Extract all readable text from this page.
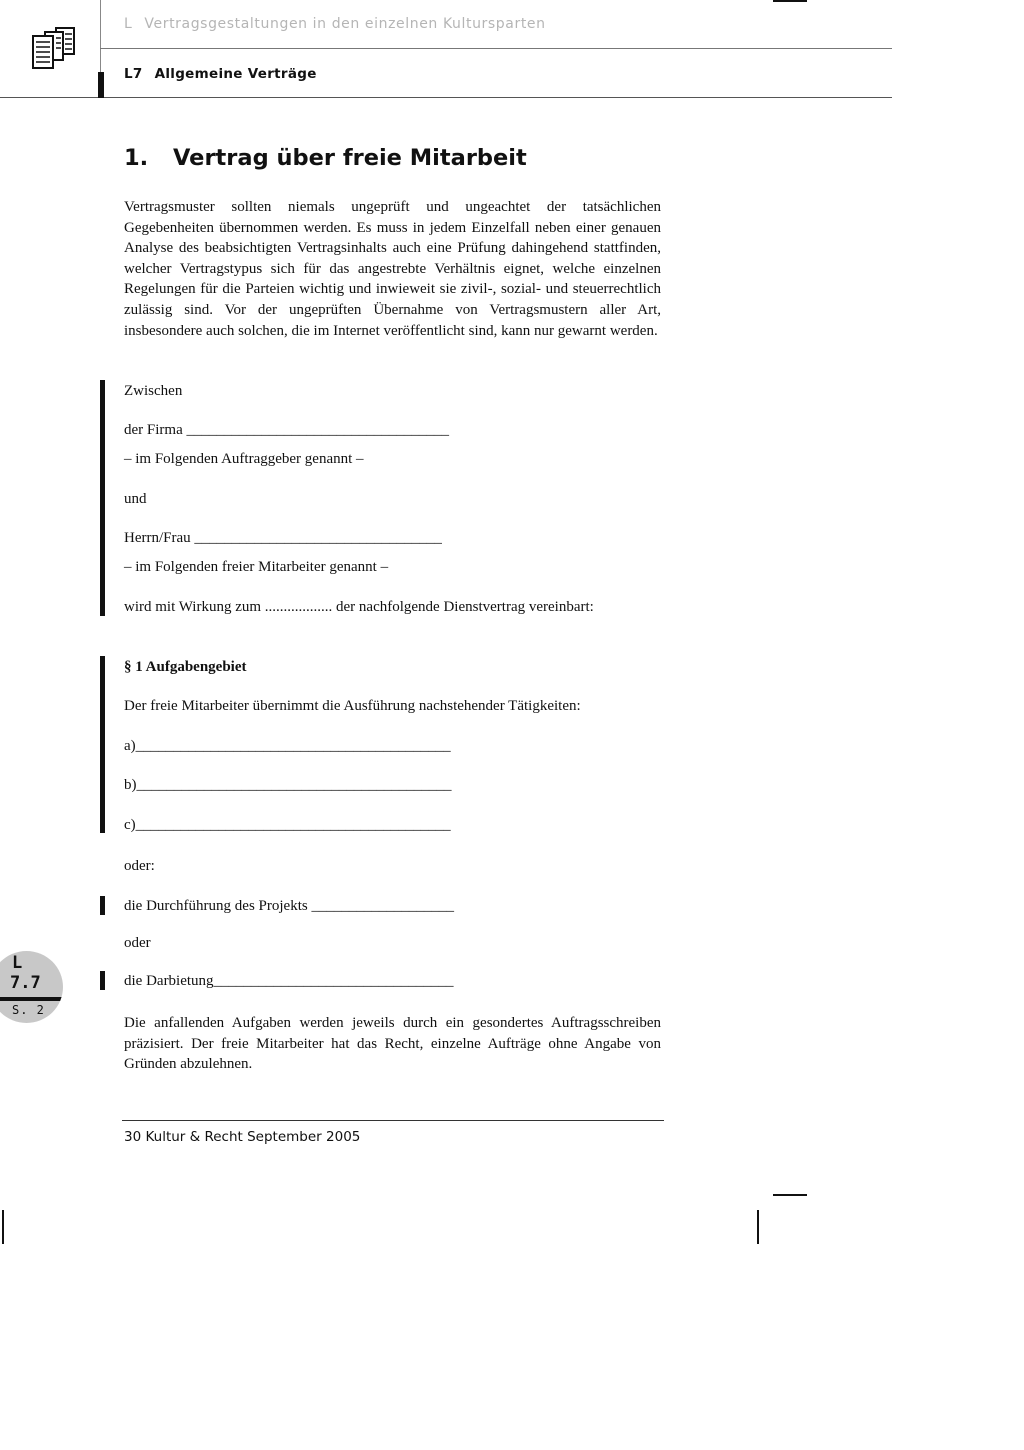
L Vertragsgestaltungen in den einzelnen Kultursparten
L7 Allgemeine Verträge
1. Vertrag über freie Mitarbeit

Vertragsmuster sollten niemals ungeprüft und ungeachtet der tatsächlichen Gegebenheiten übernommen werden. Es muss in jedem Einzelfall neben einer genauen Analyse des beabsichtigten Vertragsinhalts auch eine Prüfung dahingehend stattfinden, welcher Vertragstypus sich für das angestrebte Verhältnis eignet, welche einzelnen Regelungen für die Parteien wichtig und inwieweit sie zivil-, sozial- und steuerrechtlich zulässig sind. Vor der ungeprüften Übernahme von Vertragsmustern aller Art, insbesondere auch solchen, die im Internet veröffentlicht sind, kann nur gewarnt werden.

Zwischen
der Firma ___________________________________
– im Folgenden Auftraggeber genannt –
und
Herrn/Frau _________________________________
– im Folgenden freier Mitarbeiter genannt –
wird mit Wirkung zum .................. der nachfolgende Dienstvertrag vereinbart:
§ 1 Aufgabengebiet
Der freie Mitarbeiter übernimmt die Ausführung nachstehender Tätigkeiten:
a)__________________________________________
b)__________________________________________
c)__________________________________________
oder:
die Durchführung des Projekts ___________________
oder
die Darbietung________________________________

Die anfallenden Aufgaben werden jeweils durch ein gesondertes Auftragsschreiben präzisiert. Der freie Mitarbeiter hat das Recht, einzelne Aufträge ohne Angabe von Gründen abzulehnen.

L
7.7
S. 2
30 Kultur & Recht September 2005
